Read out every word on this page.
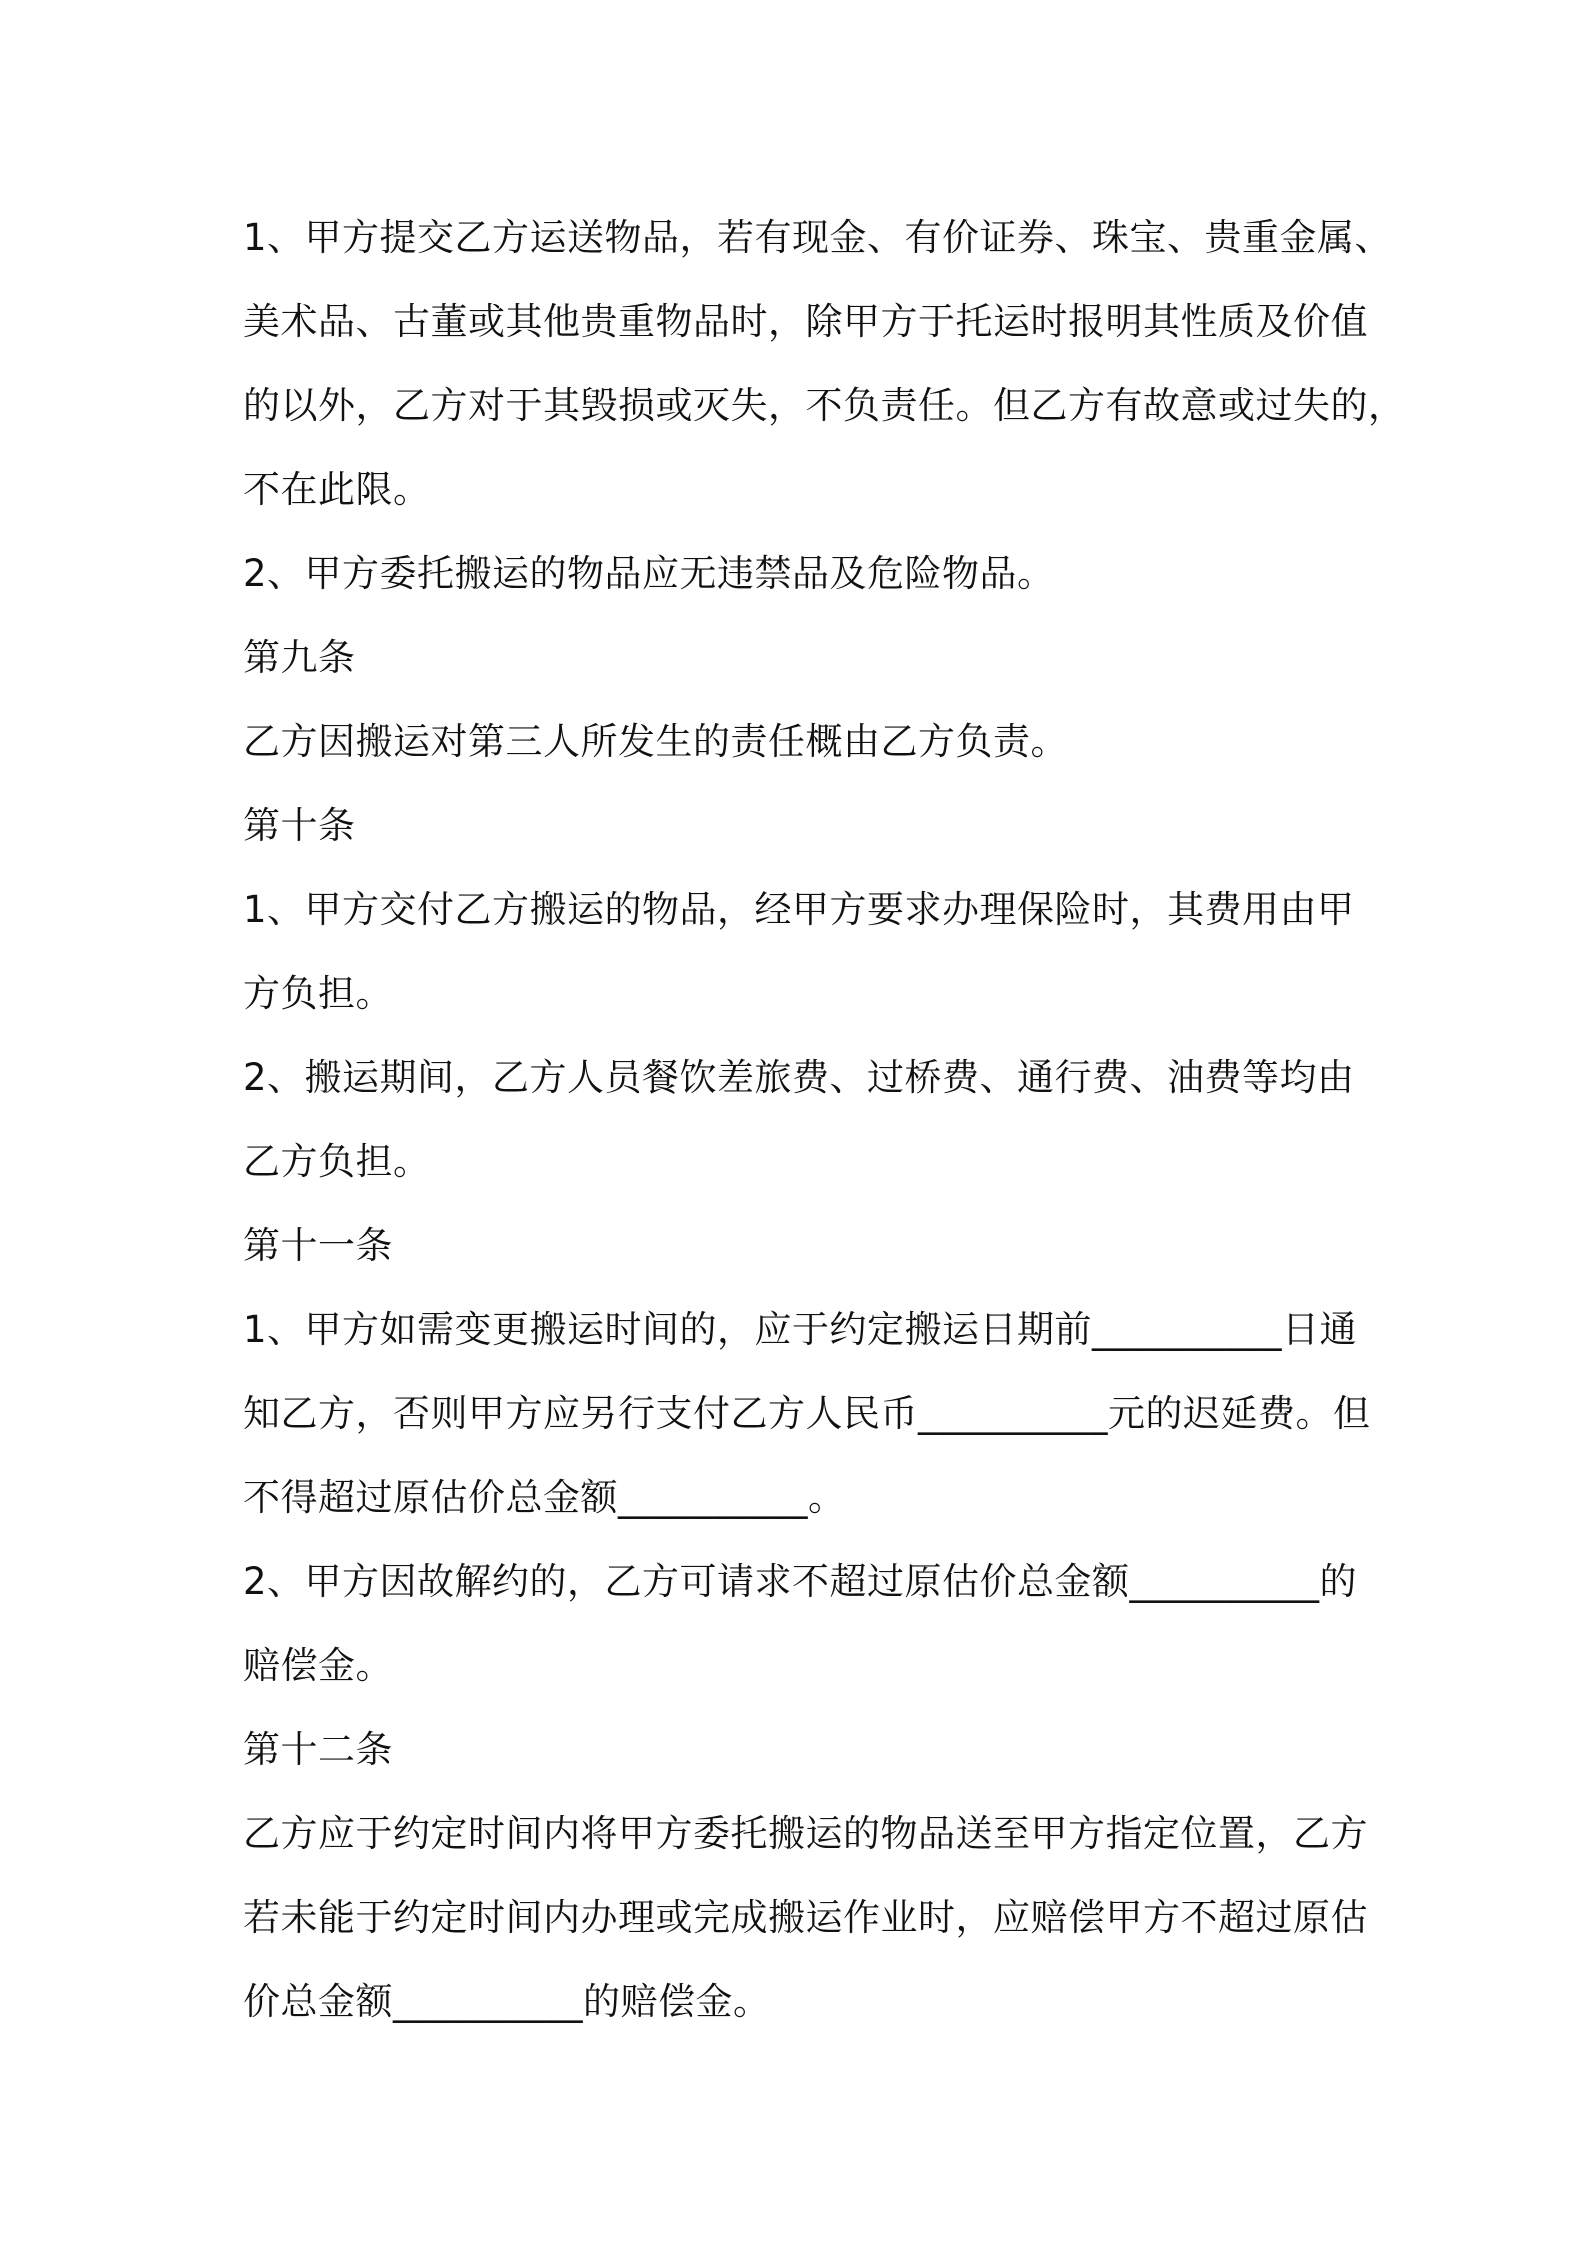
1、甲方提交乙方运送物品，若有现金、有价证券、珠宝、贵重金属、
美术品、古董或其他贵重物品时，除甲方于托运时报明其性质及价值
的以外，乙方对于其毁损或灭失，不负责任。但乙方有故意或过失的，
不在此限。
2、甲方委托搬运的物品应无违禁品及危险物品。
第九条
乙方因搬运对第三人所发生的责任概由乙方负责。
第十条
1、甲方交付乙方搬运的物品，经甲方要求办理保险时，其费用由甲
方负担。
2、搬运期间，乙方人员餐饮差旅费、过桥费、通行费、油费等均由
乙方负担。
第十一条
1、甲方如需变更搬运时间的，应于约定搬运日期前__________日通
知乙方，否则甲方应另行支付乙方人民币__________元的迟延费。但
不得超过原估价总金额__________。
2、甲方因故解约的，乙方可请求不超过原估价总金额__________的
赔偿金。
第十二条
乙方应于约定时间内将甲方委托搬运的物品送至甲方指定位置，乙方
若未能于约定时间内办理或完成搬运作业时，应赔偿甲方不超过原估
价总金额__________的赔偿金。
